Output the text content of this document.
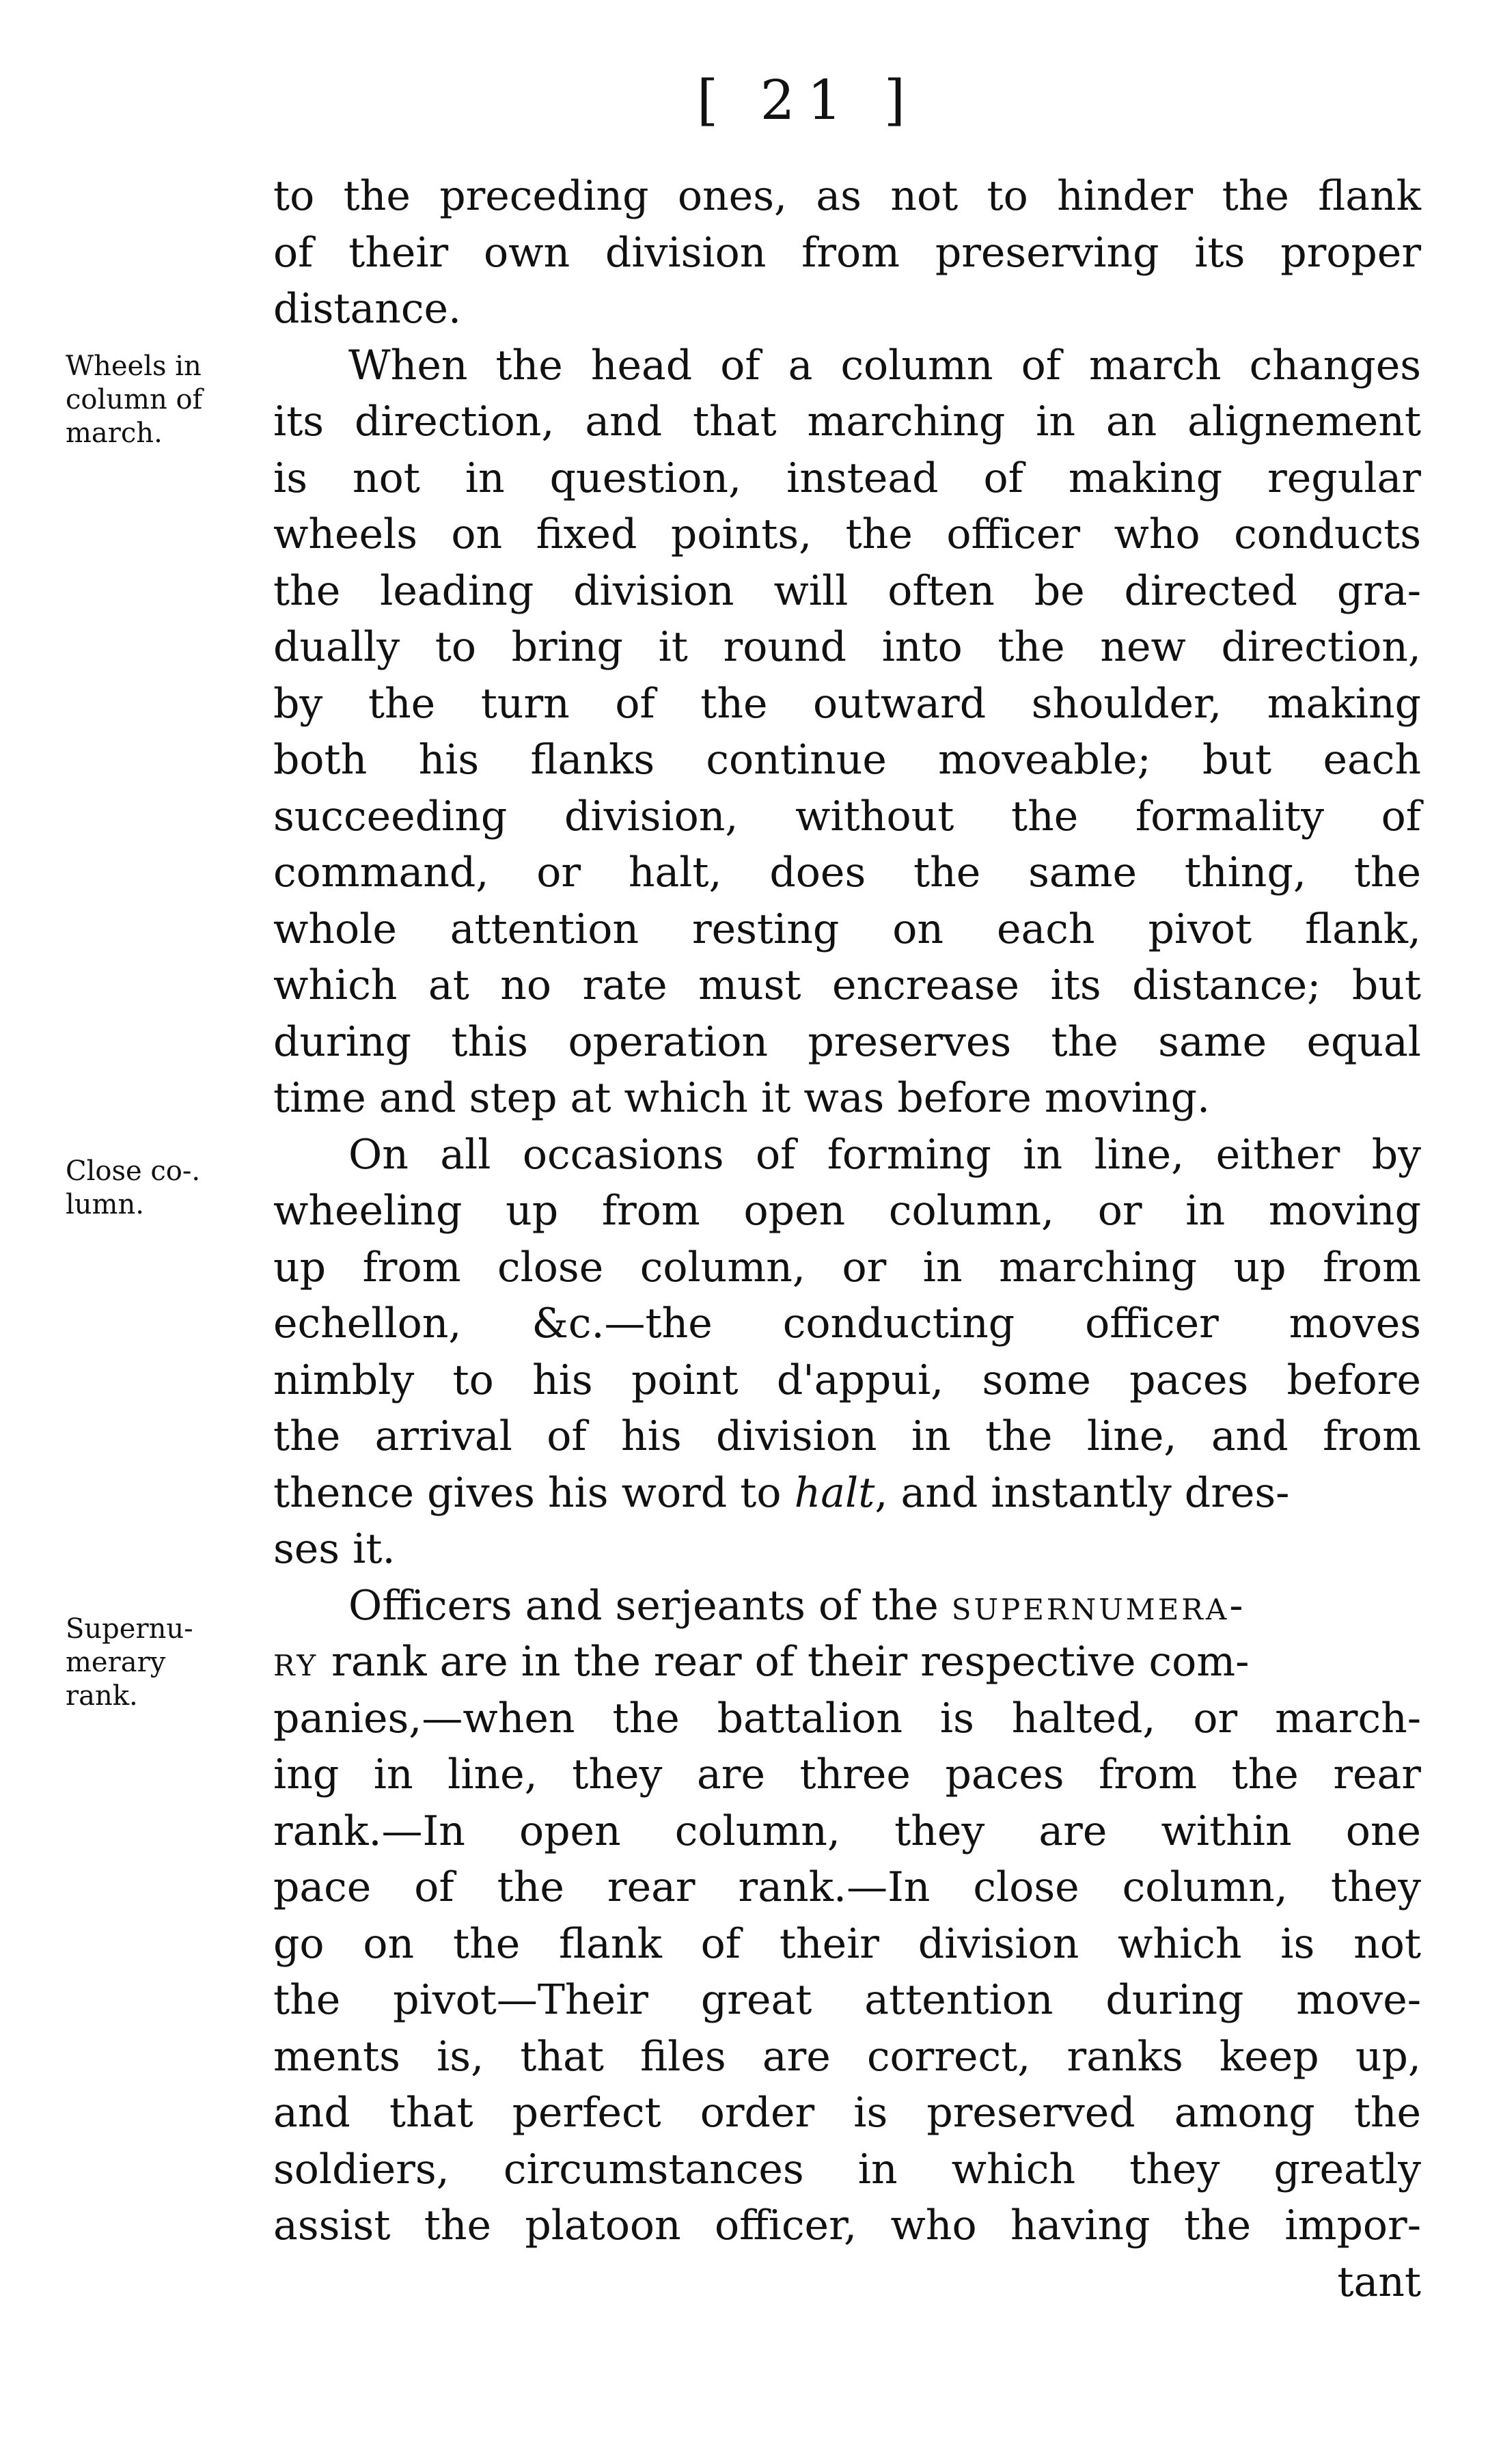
[ 21 ]
Wheels in
column of
march.
Close co-.
lumn.
Supernu-
merary
rank.
to the preceding ones, as not to hinder the flank
of their own division from preserving its proper
distance.
When the head of a column of march changes
its direction, and that marching in an alignement
is not in question, instead of making regular
wheels on fixed points, the officer who conducts
the leading division will often be directed gra-
dually to bring it round into the new direction,
by the turn of the outward shoulder, making
both his flanks continue moveable; but each
succeeding division, without the formality of
command, or halt, does the same thing, the
whole attention resting on each pivot flank,
which at no rate must encrease its distance; but
during this operation preserves the same equal
time and step at which it was before moving.
On all occasions of forming in line, either by
wheeling up from open column, or in moving
up from close column, or in marching up from
echellon, &c.—the conducting officer moves
nimbly to his point d'appui, some paces before
the arrival of his division in the line, and from
thence gives his word to halt, and instantly dres-
ses it.
Officers and serjeants of the supernumera-
ry rank are in the rear of their respective com-
panies,—when the battalion is halted, or march-
ing in line, they are three paces from the rear
rank.—In open column, they are within one
pace of the rear rank.—In close column, they
go on the flank of their division which is not
the pivot—Their great attention during move-
ments is, that files are correct, ranks keep up,
and that perfect order is preserved among the
soldiers, circumstances in which they greatly
assist the platoon officer, who having the impor-
tant
